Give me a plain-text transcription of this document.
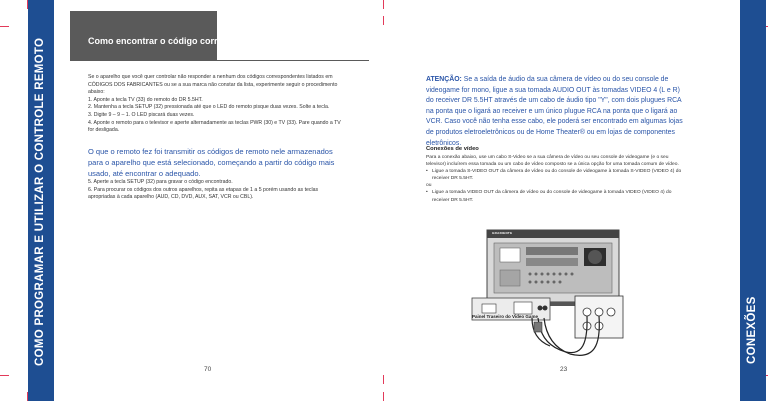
COMO PROGRAMAR E UTILIZAR O CONTROLE REMOTO	Como encontrar o código correto

Se o aparelho que você quer controlar não responder a nenhum dos códigos correspondentes listados em CÓDIGOS DOS FABRICANTES ou se a sua marca não constar da lista, experimente seguir o procedimento abaixo:

1. Aponte a tecla TV (33) do remoto do DR 5.5HT.

2. Mantenha a tecla SETUP (32) pressionada até que o LED do remoto pisque duas vezes. Solte a tecla.

3. Digite 9 – 9 – 1. O LED piscará duas vezes.

4. Aponte o remoto para o televisor e aperte alternadamente as teclas PWR (30) e TV (33). Pare quando a TV for desligada.

O que o remoto fez foi transmitir os códigos de remoto nele armazenados para o aparelho que está selecionado, começando a partir do código mais usado, até encontrar o adequado.

5. Aperte a tecla SETUP (32) para gravar o código encontrado.

6. Para procurar os códigos dos outros aparelhos, repita as etapas de 1 a 5 porém usando as teclas apropriadas à cada aparelho (AUD, CD, DVD, AUX, SAT, VCR ou CBL).

70
CONEXÕES

ATENÇÃO: Se a saída de áudio da sua câmera de vídeo ou do seu console de videogame for mono, ligue a sua tomada AUDIO OUT às tomadas VIDEO 4 (L e R) do receiver DR 5.5HT através de um cabo de áudio tipo "Y", com dois plugues RCA na ponta que o ligará ao receiver e um único plugue RCA na ponta que o ligará ao VCR. Caso você não tenha esse cabo, ele poderá ser encontrado em algumas lojas de produtos eletroeletrônicos ou de Home Theater® ou em lojas de componentes eletrônicos.

Conexões de vídeo

Para a conexão abaixo, use um cabo S-Video se a sua câmera de vídeo ou seu console de videogame (e o seu televisor) incluírem essa tomada ou um cabo de vídeo composto se a única opção for uma tomada comum de vídeo.

• Ligue a tomada S-VIDEO OUT da câmera de vídeo ou do console de videogame à tomada S-VIDEO (VIDEO 4) do receiver DR 5.5HT.

ou

• Ligue a tomada VIDEO OUT da câmera de vídeo ou do console de videogame à tomada VIDEO (VIDEO 4) do receiver DR 5.5HT.

Painel Traseiro do Video Game
GRADIENTE
23
